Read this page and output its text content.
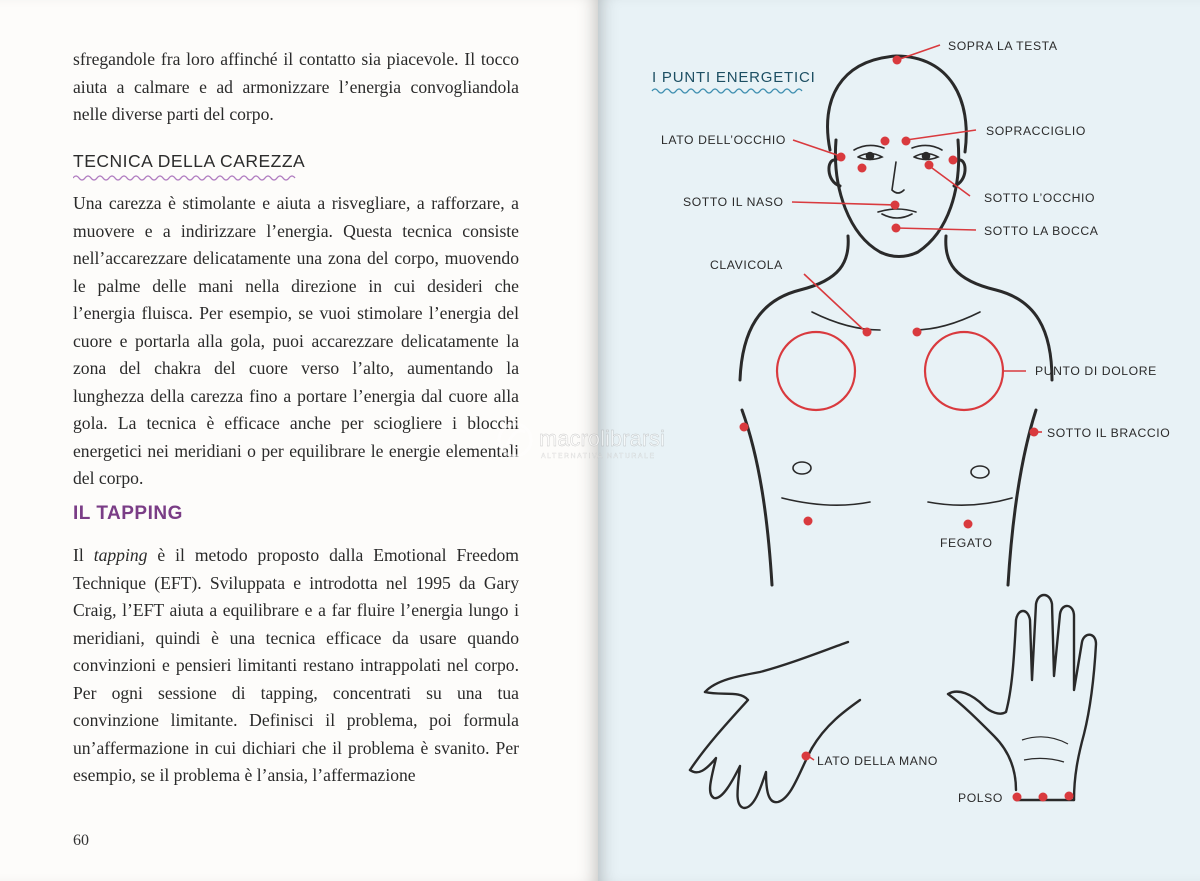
sfregandole fra loro affinché il contatto sia piacevole. Il tocco aiuta a calmare e ad armonizzare l’energia convogliandola nelle diverse parti del corpo.

TECNICA DELLA CAREZZA

Una carezza è stimolante e aiuta a risvegliare, a rafforzare, a muovere e a indirizzare l’energia. Questa tecnica consiste nell’accarezzare delicatamente una zona del corpo, muovendo le palme delle mani nella direzione in cui desideri che l’energia fluisca. Per esempio, se vuoi stimolare l’energia del cuore e portarla alla gola, puoi accarezzare delicatamente la zona del chakra del cuore verso l’alto, aumentando la lunghezza della carezza fino a portare l’energia dal cuore alla gola. La tecnica è efficace anche per sciogliere i blocchi energetici nei meridiani o per equilibrare le energie elementali del corpo.

IL TAPPING

Il tapping è il metodo proposto dalla Emotional Freedom Technique (EFT). Sviluppata e introdotta nel 1995 da Gary Craig, l’EFT aiuta a equilibrare e a far fluire l’energia lungo i meridiani, quindi è una tecnica efficace da usare quando convinzioni e pensieri limitanti restano intrappolati nel corpo. Per ogni sessione di tapping, concentrati su una tua convinzione limitante. Definisci il problema, poi formula un’affermazione in cui dichiari che il problema è svanito. Per esempio, se il problema è l’ansia, l’affermazione

60
I PUNTI ENERGETICI
SOPRA LA TESTA
SOPRACCIGLIO
LATO DELL’OCCHIO
SOTTO L’OCCHIO
SOTTO IL NASO
SOTTO LA BOCCA
CLAVICOLA
PUNTO DI DOLORE
SOTTO IL BRACCIO
FEGATO
LATO DELLA MANO
POLSO
macrolibrarsi
ALTERNATIVA NATURALE
